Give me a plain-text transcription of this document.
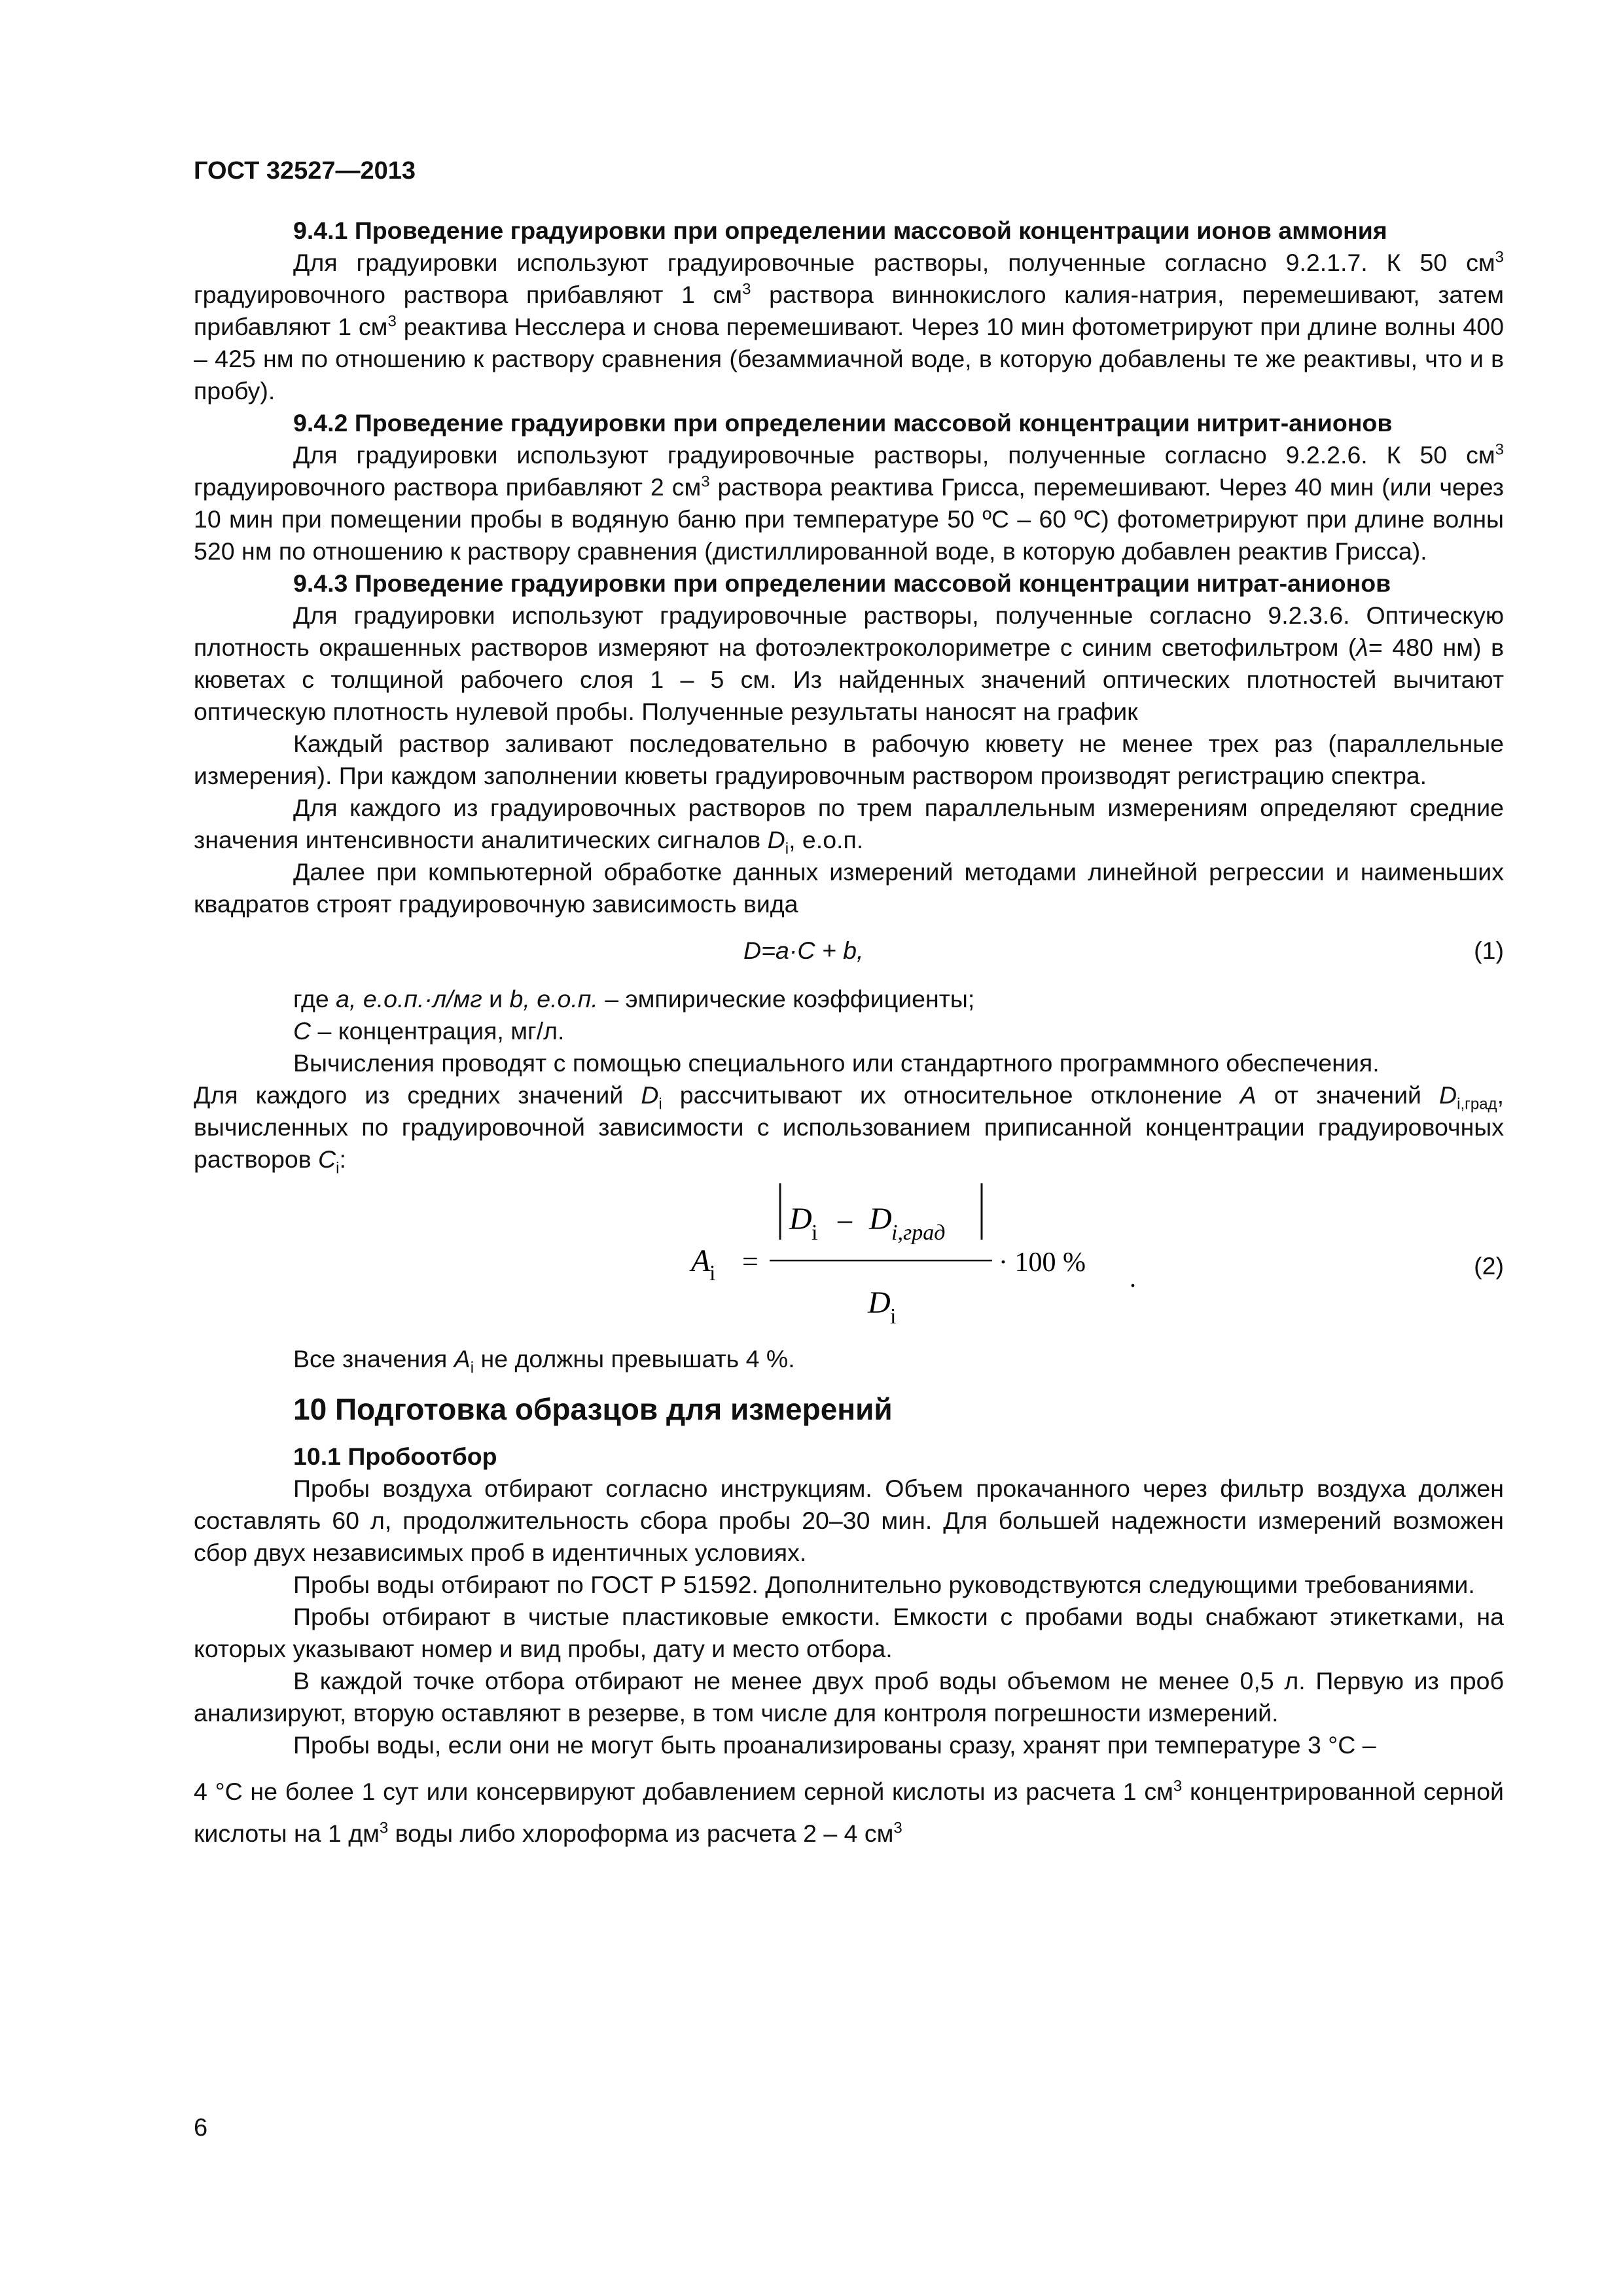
ГОСТ 32527—2013

9.4.1 Проведение градуировки при определении массовой концентрации ионов аммония

Для градуировки используют градуировочные растворы, полученные согласно 9.2.1.7. К 50 $см^3$ градуировочного раствора прибавляют 1 $см^3$ раствора виннокислого калия-натрия, перемешивают, затем прибавляют 1 $см^3$ реактива Несслера и снова перемешивают. Через 10 мин фотометрируют при длине волны 400 – 425 нм по отношению к раствору сравнения (безаммиачной воде, в которую добавлены те же реактивы, что и в пробу).

9.4.2 Проведение градуировки при определении массовой концентрации нитрит-анионов

Для градуировки используют градуировочные растворы, полученные согласно 9.2.2.6. К 50 $см^3$ градуировочного раствора прибавляют 2 $см^3$ раствора реактива Грисса, перемешивают. Через 40 мин (или через 10 мин при помещении пробы в водяную баню при температуре 50 ºС – 60 ºС) фотометрируют при длине волны 520 нм по отношению к раствору сравнения (дистиллированной воде, в которую добавлен реактив Грисса).

9.4.3 Проведение градуировки при определении массовой концентрации нитрат-анионов

Для градуировки используют градуировочные растворы, полученные согласно 9.2.3.6. Оптическую плотность окрашенных растворов измеряют на фотоэлектроколориметре с синим светофильтром (λ= 480 нм) в кюветах с толщиной рабочего слоя 1 – 5 см. Из найденных значений оптических плотностей вычитают оптическую плотность нулевой пробы. Полученные результаты наносят на график

Каждый раствор заливают последовательно в рабочую кювету не менее трех раз (параллельные измерения). При каждом заполнении кюветы градуировочным раствором производят регистрацию спектра.

Для каждого из градуировочных растворов по трем параллельным измерениям определяют средние значения интенсивности аналитических сигналов $D_i$, е.о.п.

Далее при компьютерной обработке данных измерений методами линейной регрессии и наименьших квадратов строят градуировочную зависимость вида

D=a·C + b,	(1)

где а, е.о.п.·л/мг и b, е.о.п. – эмпирические коэффициенты;

С – концентрация, мг/л.

Вычисления проводят с помощью специального или стандартного программного обеспечения.

Для каждого из средних значений $D_i$ рассчитывают их относительное отклонение А от значений $D_{i,град}$, вычисленных по градуировочной зависимости с использованием приписанной концентрации градуировочных растворов $С_i$:

A
i =
D i – D i,град
D i
· 100 %
.	(2)

Все значения $А_i$ не должны превышать 4 %.

10 Подготовка образцов для измерений

10.1 Пробоотбор

Пробы воздуха отбирают согласно инструкциям. Объем прокачанного через фильтр воздуха должен составлять 60 л, продолжительность сбора пробы 20–30 мин. Для большей надежности измерений возможен сбор двух независимых проб в идентичных условиях.

Пробы воды отбирают по ГОСТ Р 51592. Дополнительно руководствуются следующими требованиями.

Пробы отбирают в чистые пластиковые емкости. Емкости с пробами воды снабжают этикетками, на которых указывают номер и вид пробы, дату и место отбора.

В каждой точке отбора отбирают не менее двух проб воды объемом не менее 0,5 л. Первую из проб анализируют, вторую оставляют в резерве, в том числе для контроля погрешности измерений.

Пробы воды, если они не могут быть проанализированы сразу, хранят при температуре 3 °С –

4 °С не более 1 сут или консервируют добавлением серной кислоты из расчета 1 $см^3$ концентрированной серной кислоты на 1 $дм^3$ воды либо хлороформа из расчета 2 – 4 $см^3$

6
